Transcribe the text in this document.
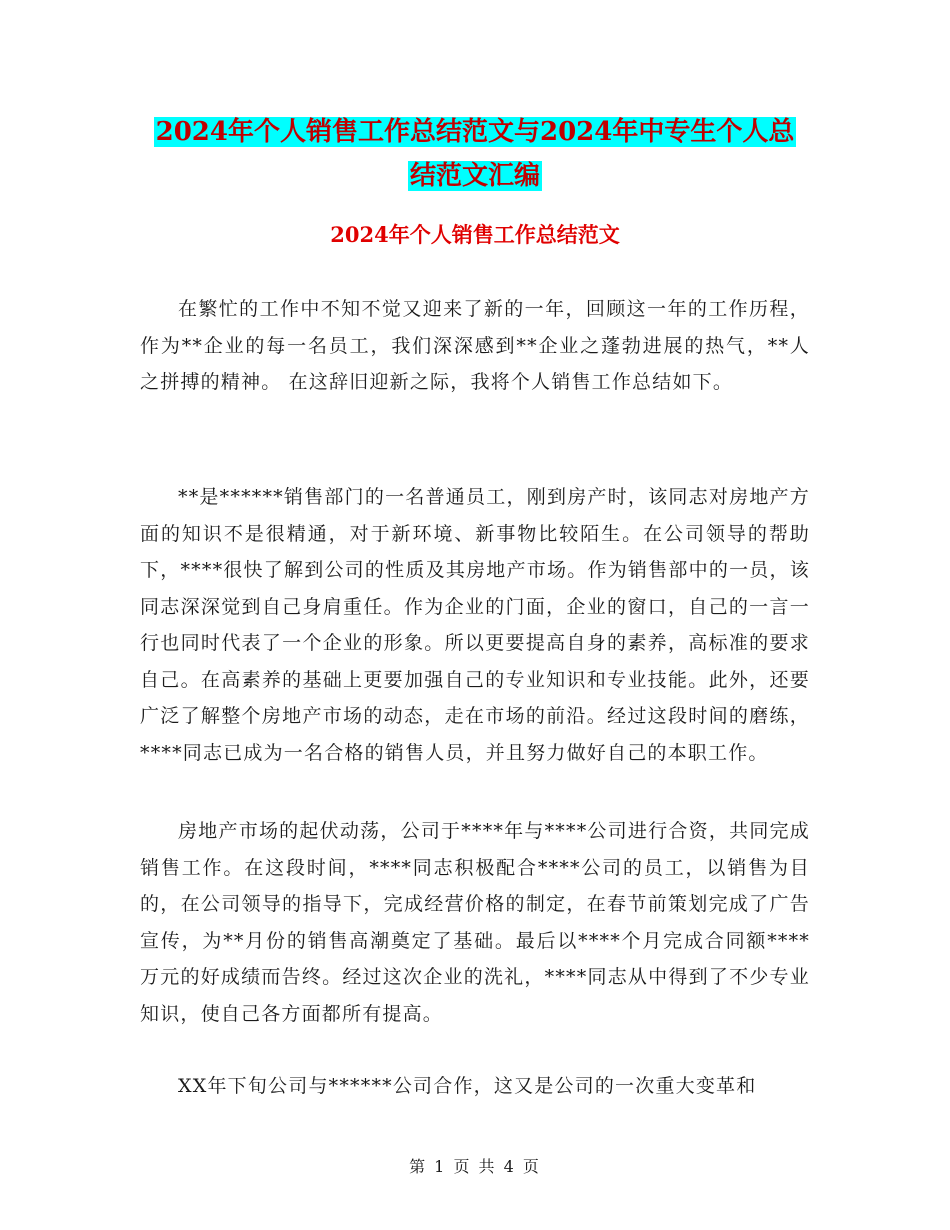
2024年个人销售工作总结范文与2024年中专生个人总
结范文汇编
2024年个人销售工作总结范文

在繁忙的工作中不知不觉又迎来了新的一年，回顾这一年的工作历程，作为**企业的每一名员工，我们深深感到**企业之蓬勃进展的热气，**人之拼搏的精神。 在这辞旧迎新之际，我将个人销售工作总结如下。

**是******销售部门的一名普通员工，刚到房产时，该同志对房地产方面的知识不是很精通，对于新环境、新事物比较陌生。在公司领导的帮助下，****很快了解到公司的性质及其房地产市场。作为销售部中的一员，该同志深深觉到自己身肩重任。作为企业的门面，企业的窗口，自己的一言一行也同时代表了一个企业的形象。所以更要提高自身的素养，高标准的要求自己。在高素养的基础上更要加强自己的专业知识和专业技能。此外，还要广泛了解整个房地产市场的动态，走在市场的前沿。经过这段时间的磨练，****同志已成为一名合格的销售人员，并且努力做好自己的本职工作。

房地产市场的起伏动荡，公司于****年与****公司进行合资，共同完成销售工作。在这段时间，****同志积极配合****公司的员工，以销售为目的，在公司领导的指导下，完成经营价格的制定，在春节前策划完成了广告宣传，为**月份的销售高潮奠定了基础。最后以****个月完成合同额****万元的好成绩而告终。经过这次企业的洗礼，****同志从中得到了不少专业知识，使自己各方面都所有提高。

XX年下旬公司与******公司合作，这又是公司的一次重大变革和

第 1 页 共 4 页
